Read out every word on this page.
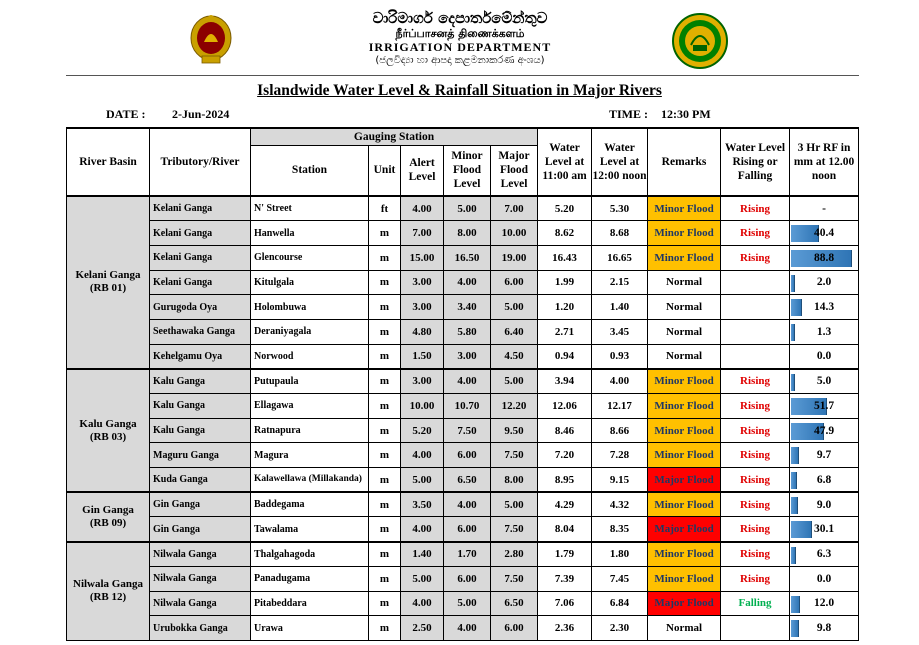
වාරිමාර්ග දෙපාර්තමේන්තුව
நீர்ப்பாசனத் திணைக்களம்
IRRIGATION DEPARTMENT
(ජලවිද්‍යා හා ආපදා කළමනාකරණ අංශය)
Islandwide Water Level & Rainfall Situation in Major Rivers
DATE : 2-Jun-2024	TIME : 12:30 PM
River Basin	Tributory/River	Gauging Station					Water Level at 11:00 am	Water Level at 12:00 noon	Remarks	Water Level Rising or Falling	3 Hr RF in mm at 12.00 noon
		Station	Unit	Alert Level	Minor Flood Level	Major Flood Level					

Kelani Ganga
(RB 01)	Kelani Ganga	N' Street	ft	4.00	5.00	7.00	5.20	5.30	Minor Flood	Rising	-
	Kelani Ganga	Hanwella	m	7.00	8.00	10.00	8.62	8.68	Minor Flood	Rising	40.4
	Kelani Ganga	Glencourse	m	15.00	16.50	19.00	16.43	16.65	Minor Flood	Rising	88.8
	Kelani Ganga	Kitulgala	m	3.00	4.00	6.00	1.99	2.15	Normal		2.0
	Gurugoda Oya	Holombuwa	m	3.00	3.40	5.00	1.20	1.40	Normal		14.3
	Seethawaka Ganga	Deraniyagala	m	4.80	5.80	6.40	2.71	3.45	Normal		1.3
	Kehelgamu Oya	Norwood	m	1.50	3.00	4.50	0.94	0.93	Normal		0.0

Kalu Ganga
(RB 03)	Kalu Ganga	Putupaula	m	3.00	4.00	5.00	3.94	4.00	Minor Flood	Rising	5.0
	Kalu Ganga	Ellagawa	m	10.00	10.70	12.20	12.06	12.17	Minor Flood	Rising	51.7
	Kalu Ganga	Ratnapura	m	5.20	7.50	9.50	8.46	8.66	Minor Flood	Rising	47.9
	Maguru Ganga	Magura	m	4.00	6.00	7.50	7.20	7.28	Minor Flood	Rising	9.7
	Kuda Ganga	Kalawellawa (Millakanda)	m	5.00	6.50	8.00	8.95	9.15	Major Flood	Rising	6.8

Gin Ganga
(RB 09)	Gin Ganga	Baddegama	m	3.50	4.00	5.00	4.29	4.32	Minor Flood	Rising	9.0
	Gin Ganga	Tawalama	m	4.00	6.00	7.50	8.04	8.35	Major Flood	Rising	30.1

Nilwala Ganga
(RB 12)	Nilwala Ganga	Thalgahagoda	m	1.40	1.70	2.80	1.79	1.80	Minor Flood	Rising	6.3
	Nilwala Ganga	Panadugama	m	5.00	6.00	7.50	7.39	7.45	Minor Flood	Rising	0.0
	Nilwala Ganga	Pitabeddara	m	4.00	5.00	6.50	7.06	6.84	Major Flood	Falling	12.0
	Urubokka Ganga	Urawa	m	2.50	4.00	6.00	2.36	2.30	Normal		9.8
